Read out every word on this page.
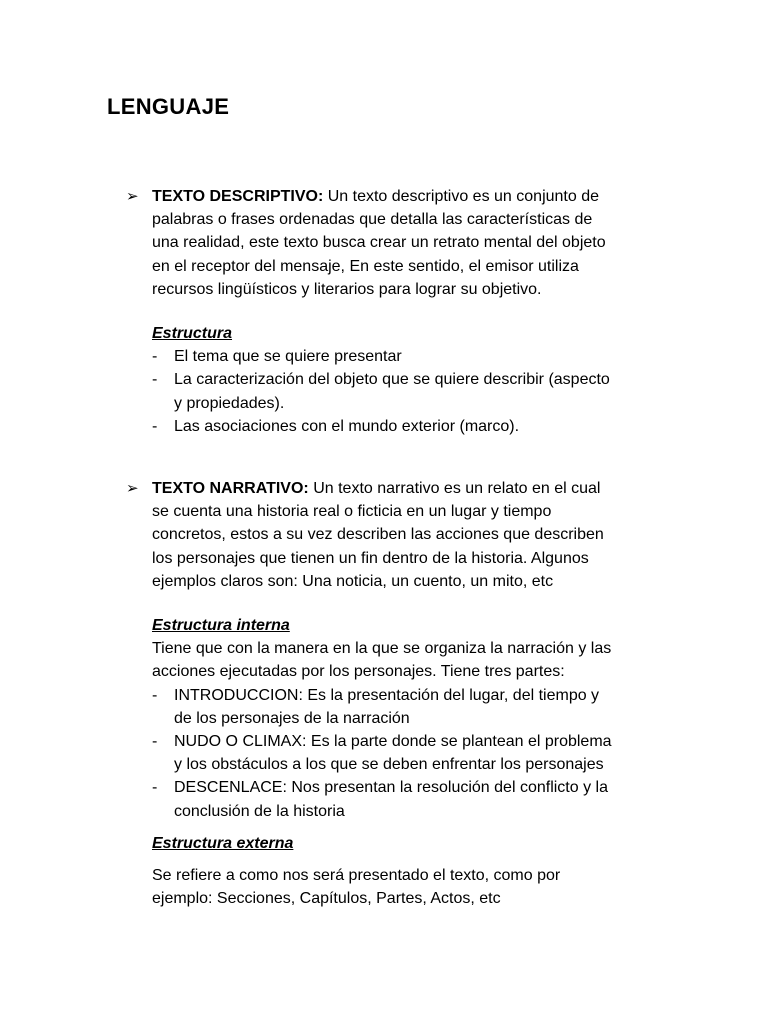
LENGUAJE
➢ TEXTO DESCRIPTIVO: Un texto descriptivo es un conjunto de
palabras o frases ordenadas que detalla las características de
una realidad, este texto busca crear un retrato mental del objeto
en el receptor del mensaje, En este sentido, el emisor utiliza
recursos lingüísticos y literarios para lograr su objetivo.
Estructura
- El tema que se quiere presentar
- La caracterización del objeto que se quiere describir (aspecto
y propiedades).
- Las asociaciones con el mundo exterior (marco).
➢ TEXTO NARRATIVO: Un texto narrativo es un relato en el cual
se cuenta una historia real o ficticia en un lugar y tiempo
concretos, estos a su vez describen las acciones que describen
los personajes que tienen un fin dentro de la historia. Algunos
ejemplos claros son: Una noticia, un cuento, un mito, etc
Estructura interna
Tiene que con la manera en la que se organiza la narración y las
acciones ejecutadas por los personajes. Tiene tres partes:
- INTRODUCCION: Es la presentación del lugar, del tiempo y
de los personajes de la narración
- NUDO O CLIMAX: Es la parte donde se plantean el problema
y los obstáculos a los que se deben enfrentar los personajes
- DESCENLACE: Nos presentan la resolución del conflicto y la
conclusión de la historia
Estructura externa
Se refiere a como nos será presentado el texto, como por
ejemplo: Secciones, Capítulos, Partes, Actos, etc
